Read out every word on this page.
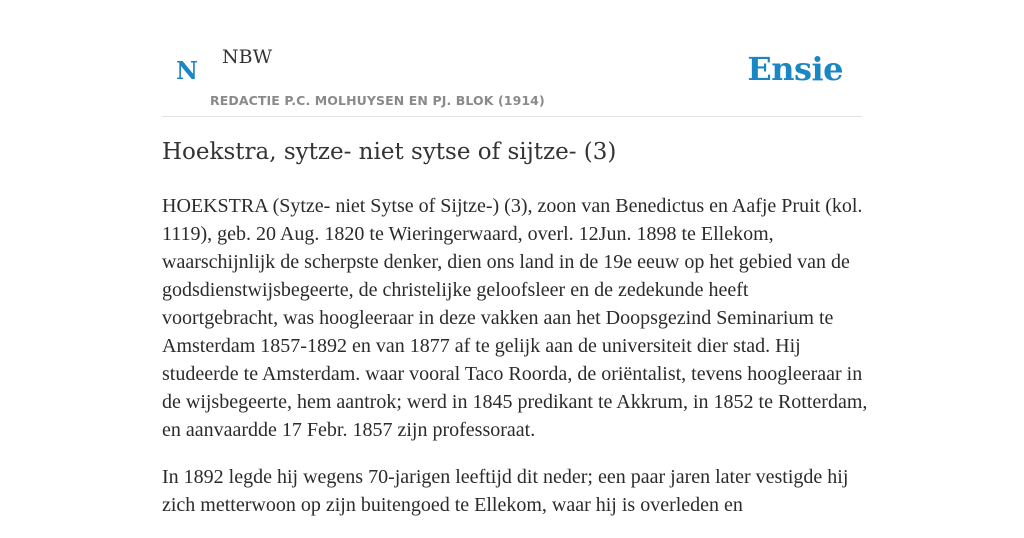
N NBW
REDACTIE P.C. MOLHUYSEN EN PJ. BLOK (1914)
Ensie
Hoekstra, sytze- niet sytse of sijtze- (3)

HOEKSTRA (Sytze- niet Sytse of Sijtze-) (3), zoon van Benedictus en Aafje Pruit (kol. 1119), geb. 20 Aug. 1820 te Wieringerwaard, overl. 12Jun. 1898 te Ellekom, waarschijnlijk de scherpste denker, dien ons land in de 19e eeuw op het gebied van de godsdienstwijsbegeerte, de christelijke geloofsleer en de zedekunde heeft voortgebracht, was hoogleeraar in deze vakken aan het Doopsgezind Seminarium te Amsterdam 1857-1892 en van 1877 af te gelijk aan de universiteit dier stad. Hij studeerde te Amsterdam. waar vooral Taco Roorda, de oriëntalist, tevens hoogleeraar in de wijsbegeerte, hem aantrok; werd in 1845 predikant te Akkrum, in 1852 te Rotterdam, en aanvaardde 17 Febr. 1857 zijn professoraat.

In 1892 legde hij wegens 70-jarigen leeftijd dit neder; een paar jaren later vestigde hij zich metterwoon op zijn buitengoed te Ellekom, waar hij is overleden en
